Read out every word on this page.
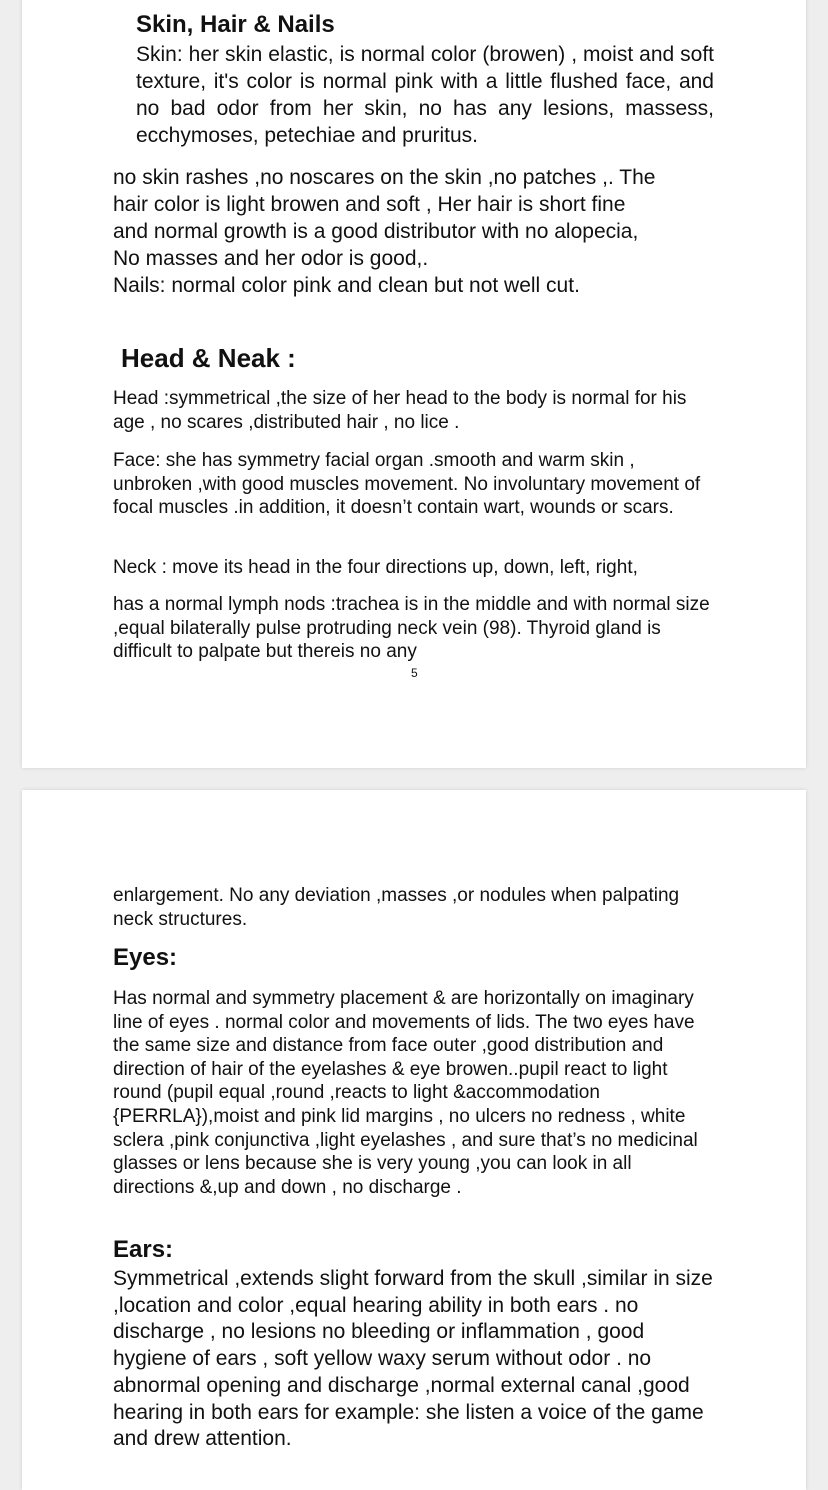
Skin, Hair & Nails

Skin: her skin elastic, is normal color (browen) , moist and soft texture, it's color is normal pink with a little flushed face, and no bad odor from her skin, no has any lesions, massess, ecchymoses, petechiae and pruritus.

no skin rashes ,no noscares on the skin ,no patches ,. The
hair color is light browen and soft , Her hair is short fine
and normal growth is a good distributor with no alopecia,
No masses and her odor is good,.
Nails: normal color pink and clean but not well cut.
Head & Neak :

Head :symmetrical ,the size of her head to the body is normal for his age , no scares ,distributed hair , no lice .

Face: she has symmetry facial organ .smooth and warm skin , unbroken ,with good muscles movement. No involuntary movement of focal muscles .in addition, it doesn’t contain wart, wounds or scars.

Neck : move its head in the four directions up, down, left, right,

has a normal lymph nods :trachea is in the middle and with normal size ,equal bilaterally pulse protruding neck vein (98). Thyroid gland is difficult to palpate but thereis no any

5

enlargement. No any deviation ,masses ,or nodules when palpating neck structures.

Eyes:

Has normal and symmetry placement & are horizontally on imaginary line of eyes . normal color and movements of lids. The two eyes have the same size and distance from face outer ,good distribution and direction of hair of the eyelashes & eye browen..pupil react to light round (pupil equal ,round ,reacts to light &accommodation {PERRLA}),moist and pink lid margins , no ulcers no redness , white sclera ,pink conjunctiva ,light eyelashes , and sure that’s no medicinal glasses or lens because she is very young ,you can look in all directions &,up and down , no discharge .

Ears:

Symmetrical ,extends slight forward from the skull ,similar in size ,location and color ,equal hearing ability in both ears . no discharge , no lesions no bleeding or inflammation , good hygiene of ears , soft yellow waxy serum without odor . no abnormal opening and discharge ,normal external canal ,good hearing in both ears for example: she listen a voice of the game and drew attention.
